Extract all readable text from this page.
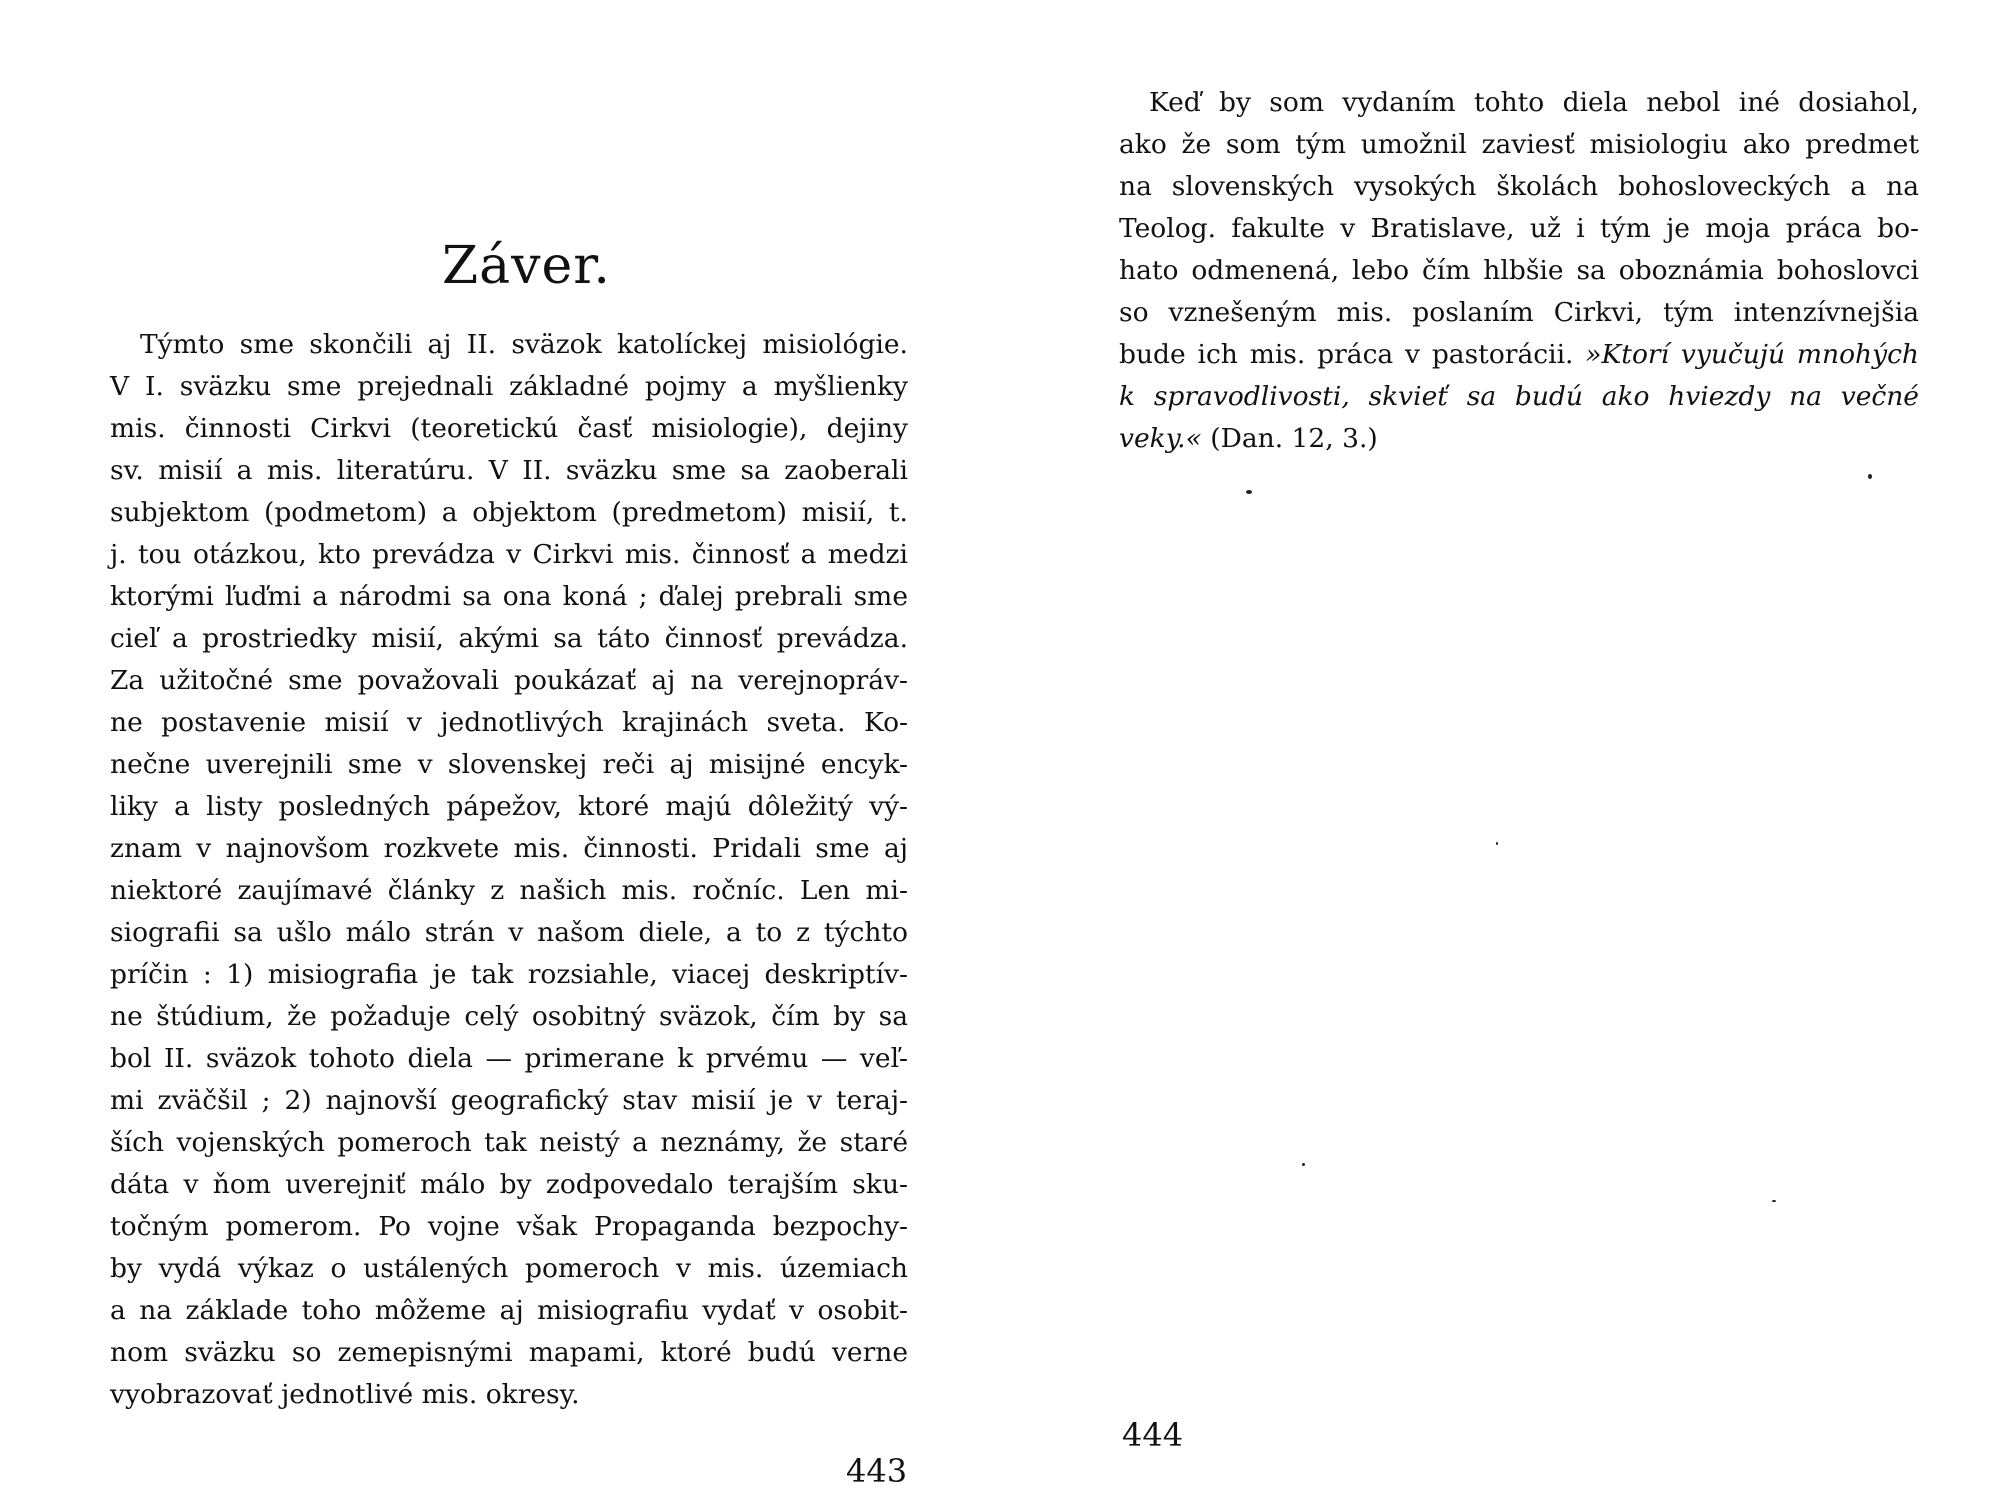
Záver.
Týmto sme skončili aj II. sväzok katolíckej misiológie.
V I. sväzku sme prejednali základné pojmy a myšlienky
mis. činnosti Cirkvi (teoretickú časť misiologie), dejiny
sv. misií a mis. literatúru. V II. sväzku sme sa zaoberali
subjektom (podmetom) a objektom (predmetom) misií, t.
j. tou otázkou, kto prevádza v Cirkvi mis. činnosť a medzi
ktorými ľuďmi a národmi sa ona koná ; ďalej prebrali sme
cieľ a prostriedky misií, akými sa táto činnosť prevádza.
Za užitočné sme považovali poukázať aj na verejnopráv-
ne postavenie misií v jednotlivých krajinách sveta. Ko-
nečne uverejnili sme v slovenskej reči aj misijné encyk-
liky a listy posledných pápežov, ktoré majú dôležitý vý-
znam v najnovšom rozkvete mis. činnosti. Pridali sme aj
niektoré zaujímavé články z našich mis. ročníc. Len mi-
siografii sa ušlo málo strán v našom diele, a to z týchto
príčin : 1) misiografia je tak rozsiahle, viacej deskriptív-
ne štúdium, že požaduje celý osobitný sväzok, čím by sa
bol II. sväzok tohoto diela — primerane k prvému — veľ-
mi zväčšil ; 2) najnovší geografický stav misií je v teraj-
ších vojenských pomeroch tak neistý a neznámy, že staré
dáta v ňom uverejniť málo by zodpovedalo terajším sku-
točným pomerom. Po vojne však Propaganda bezpochy-
by vydá výkaz o ustálených pomeroch v mis. územiach
a na základe toho môžeme aj misiografiu vydať v osobit-
nom sväzku so zemepisnými mapami, ktoré budú verne
vyobrazovať jednotlivé mis. okresy.
443
Keď by som vydaním tohto diela nebol iné dosiahol,
ako že som tým umožnil zaviesť misiologiu ako predmet
na slovenských vysokých školách bohosloveckých a na
Teolog. fakulte v Bratislave, už i tým je moja práca bo-
hato odmenená, lebo čím hlbšie sa oboznámia bohoslovci
so vznešeným mis. poslaním Cirkvi, tým intenzívnejšia
bude ich mis. práca v pastorácii. »Ktorí vyučujú mnohých
k spravodlivosti, skvieť sa budú ako hviezdy na večné
veky.« (Dan. 12, 3.)
444
